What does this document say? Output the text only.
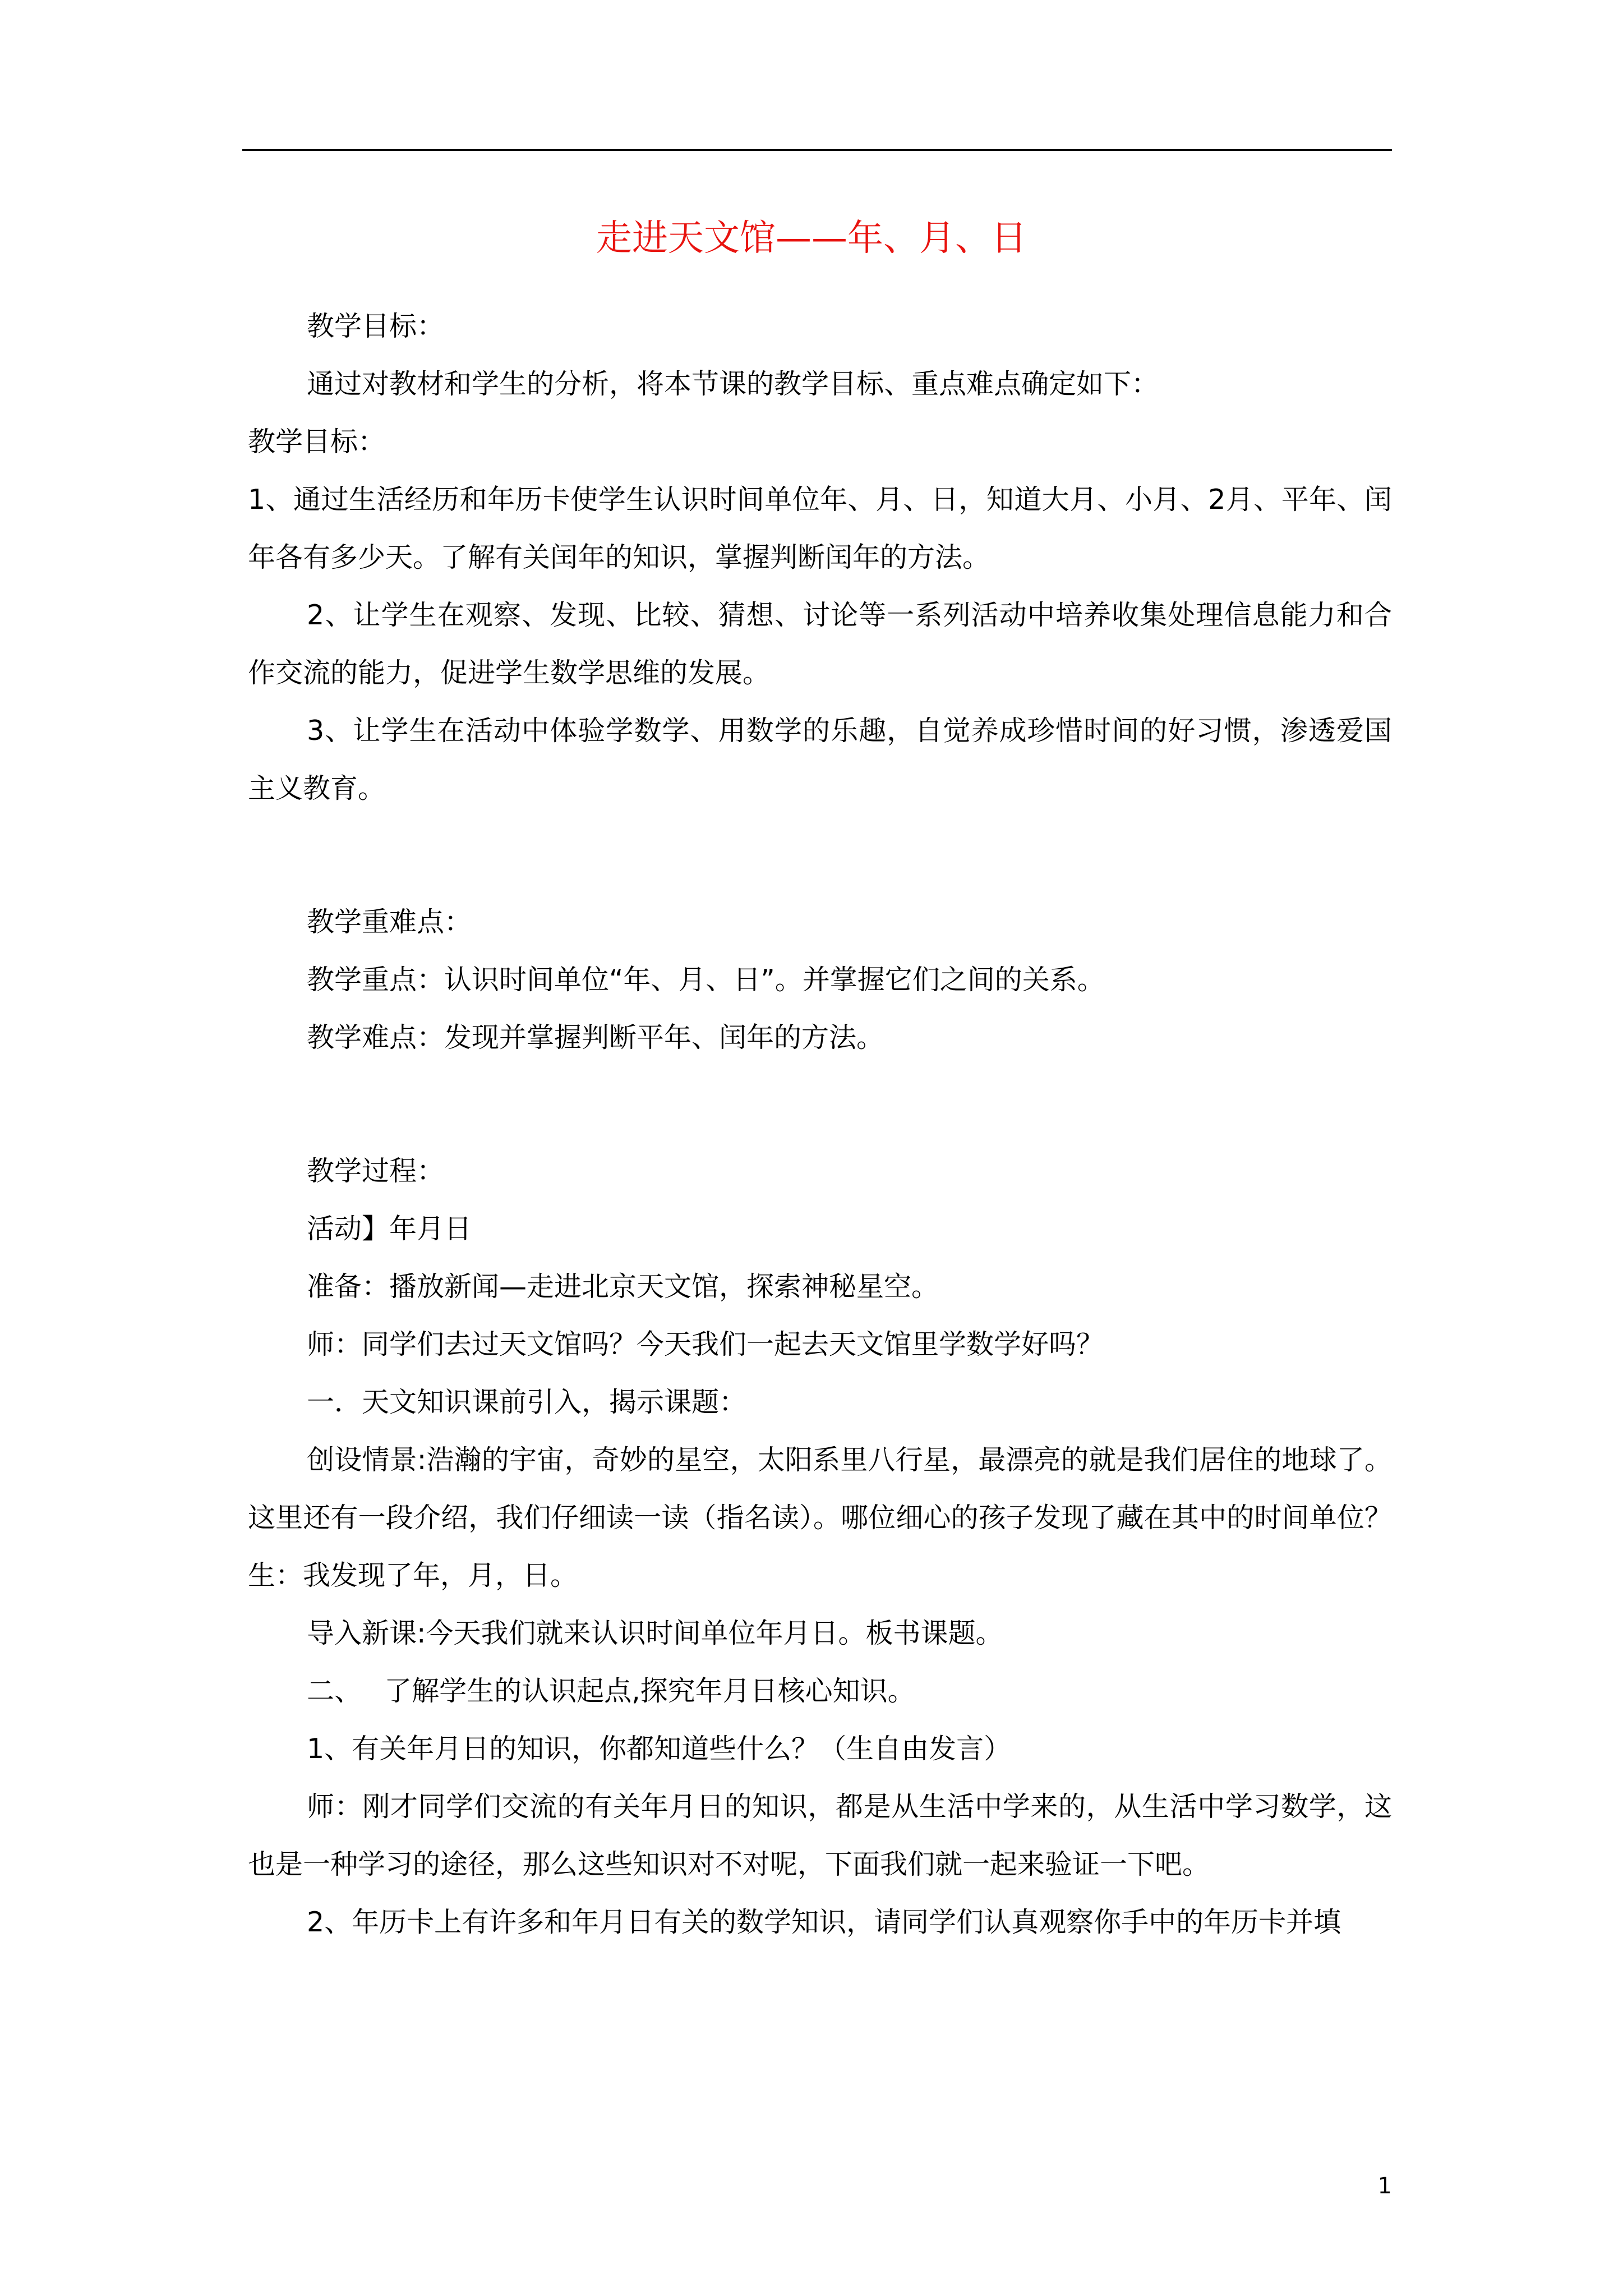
走进天文馆——年、月、日

教学目标：

通过对教材和学生的分析，将本节课的教学目标、重点难点确定如下：

教学目标：

1、通过生活经历和年历卡使学生认识时间单位年、月、日，知道大月、小月、2月、平年、闰年各有多少天。了解有关闰年的知识，掌握判断闰年的方法。

2、让学生在观察、发现、比较、猜想、讨论等一系列活动中培养收集处理信息能力和合作交流的能力，促进学生数学思维的发展。

3、让学生在活动中体验学数学、用数学的乐趣，自觉养成珍惜时间的好习惯，渗透爱国主义教育。

教学重难点：

教学重点：认识时间单位“年、月、日”。并掌握它们之间的关系。

教学难点：发现并掌握判断平年、闰年的方法。

教学过程：

活动】年月日

准备：播放新闻—走进北京天文馆，探索神秘星空。

师：同学们去过天文馆吗？今天我们一起去天文馆里学数学好吗？

一．天文知识课前引入，揭示课题：

创设情景:浩瀚的宇宙，奇妙的星空，太阳系里八行星，最漂亮的就是我们居住的地球了。这里还有一段介绍，我们仔细读一读（指名读）。哪位细心的孩子发现了藏在其中的时间单位？生：我发现了年，月，日。

导入新课:今天我们就来认识时间单位年月日。板书课题。

二、　 了解学生的认识起点,探究年月日核心知识。

1、有关年月日的知识，你都知道些什么？（生自由发言）

师：刚才同学们交流的有关年月日的知识，都是从生活中学来的，从生活中学习数学，这也是一种学习的途径，那么这些知识对不对呢，下面我们就一起来验证一下吧。

2、年历卡上有许多和年月日有关的数学知识，请同学们认真观察你手中的年历卡并填

1
